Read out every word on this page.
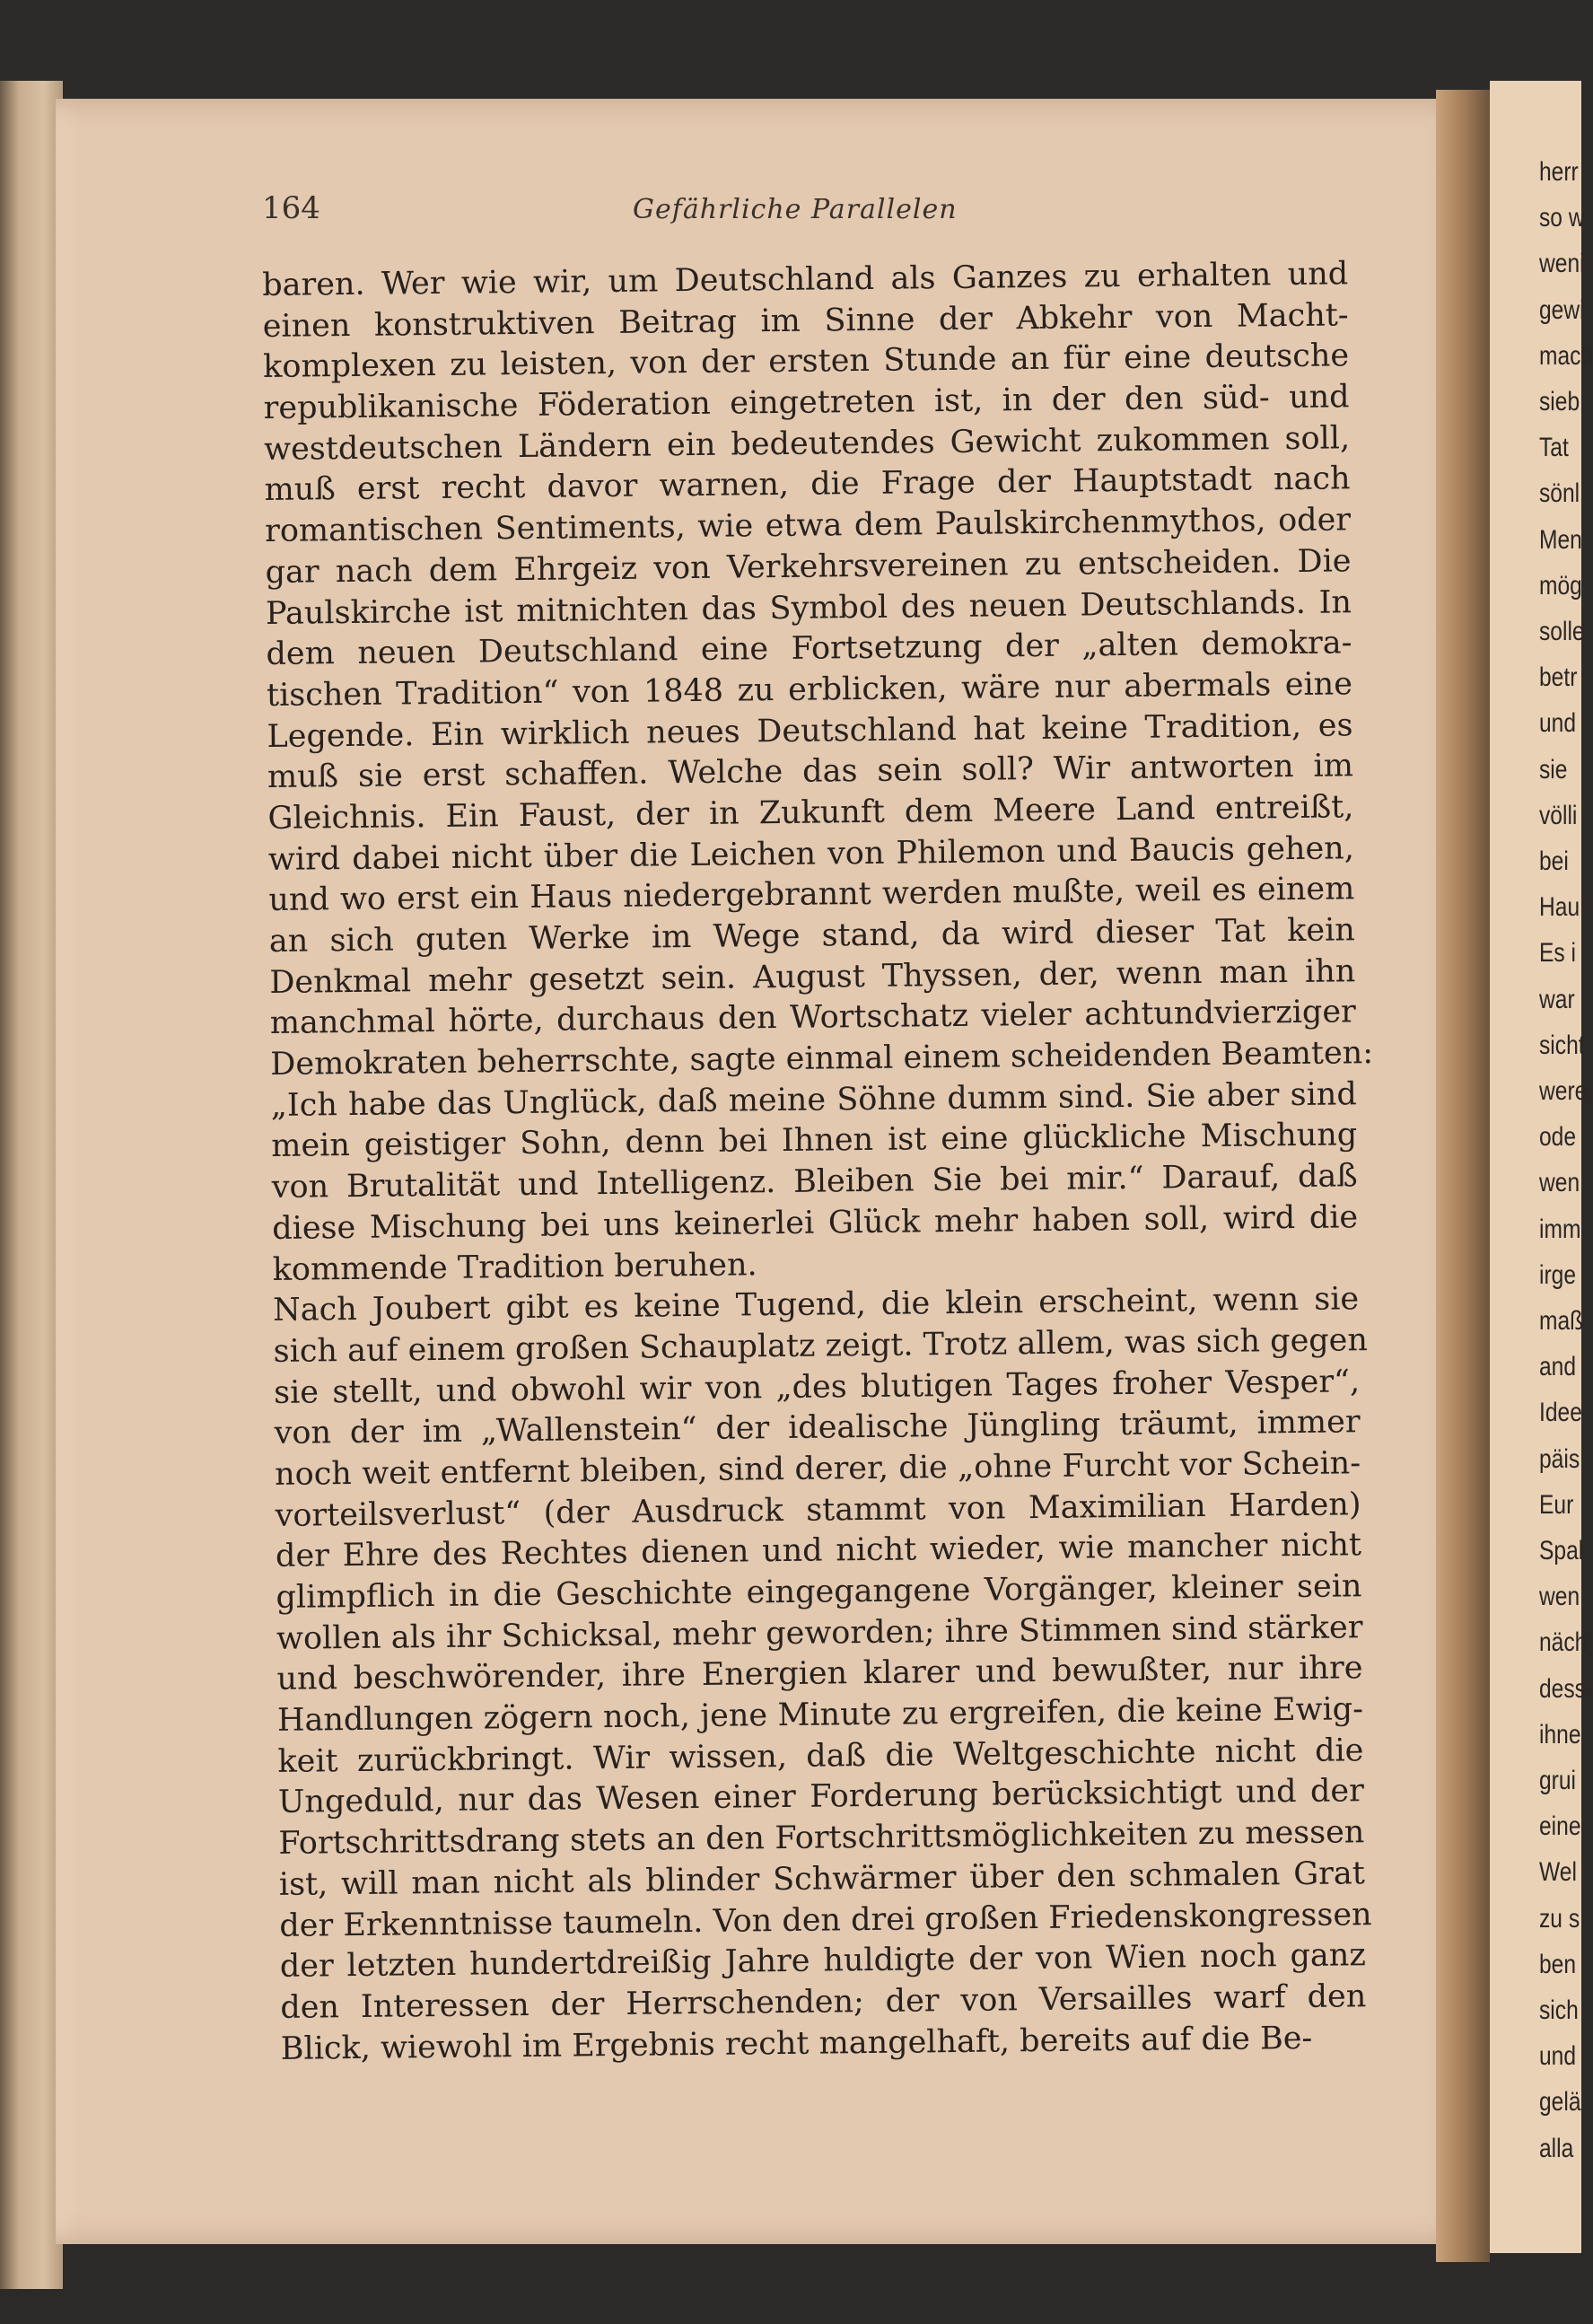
herr
so w
weni
gewi
mach
sieb:
Tat
sönl
Men
mög
solle
betr
und
sie
völli
bei
Hau
Es i
war
sicht
were
ode
wen
imm
irge
maß
and
Idee
päis
Eur
Spal
wen
näch
dess
ihne
grui
eine
Wel
zu s
ben
sich
und
gelä
alla
164	Gefährliche Parallelen
baren. Wer wie wir, um Deutschland als Ganzes zu erhalten und
einen konstruktiven Beitrag im Sinne der Abkehr von Macht-
komplexen zu leisten, von der ersten Stunde an für eine deutsche
republikanische Föderation eingetreten ist, in der den süd- und
westdeutschen Ländern ein bedeutendes Gewicht zukommen soll,
muß erst recht davor warnen, die Frage der Hauptstadt nach
romantischen Sentiments, wie etwa dem Paulskirchenmythos, oder
gar nach dem Ehrgeiz von Verkehrsvereinen zu entscheiden. Die
Paulskirche ist mitnichten das Symbol des neuen Deutschlands. In
dem neuen Deutschland eine Fortsetzung der „alten demokra-
tischen Tradition“ von 1848 zu erblicken, wäre nur abermals eine
Legende. Ein wirklich neues Deutschland hat keine Tradition, es
muß sie erst schaffen. Welche das sein soll? Wir antworten im
Gleichnis. Ein Faust, der in Zukunft dem Meere Land entreißt,
wird dabei nicht über die Leichen von Philemon und Baucis gehen,
und wo erst ein Haus niedergebrannt werden mußte, weil es einem
an sich guten Werke im Wege stand, da wird dieser Tat kein
Denkmal mehr gesetzt sein. August Thyssen, der, wenn man ihn
manchmal hörte, durchaus den Wortschatz vieler achtundvierziger
Demokraten beherrschte, sagte einmal einem scheidenden Beamten:
„Ich habe das Unglück, daß meine Söhne dumm sind. Sie aber sind
mein geistiger Sohn, denn bei Ihnen ist eine glückliche Mischung
von Brutalität und Intelligenz. Bleiben Sie bei mir.“ Darauf, daß
diese Mischung bei uns keinerlei Glück mehr haben soll, wird die
kommende Tradition beruhen.
Nach Joubert gibt es keine Tugend, die klein erscheint, wenn sie
sich auf einem großen Schauplatz zeigt. Trotz allem, was sich gegen
sie stellt, und obwohl wir von „des blutigen Tages froher Vesper“,
von der im „Wallenstein“ der idealische Jüngling träumt, immer
noch weit entfernt bleiben, sind derer, die „ohne Furcht vor Schein-
vorteilsverlust“ (der Ausdruck stammt von Maximilian Harden)
der Ehre des Rechtes dienen und nicht wieder, wie mancher nicht
glimpflich in die Geschichte eingegangene Vorgänger, kleiner sein
wollen als ihr Schicksal, mehr geworden; ihre Stimmen sind stärker
und beschwörender, ihre Energien klarer und bewußter, nur ihre
Handlungen zögern noch, jene Minute zu ergreifen, die keine Ewig-
keit zurückbringt. Wir wissen, daß die Weltgeschichte nicht die
Ungeduld, nur das Wesen einer Forderung berücksichtigt und der
Fortschrittsdrang stets an den Fortschrittsmöglichkeiten zu messen
ist, will man nicht als blinder Schwärmer über den schmalen Grat
der Erkenntnisse taumeln. Von den drei großen Friedenskongressen
der letzten hundertdreißig Jahre huldigte der von Wien noch ganz
den Interessen der Herrschenden; der von Versailles warf den
Blick, wiewohl im Ergebnis recht mangelhaft, bereits auf die Be-
